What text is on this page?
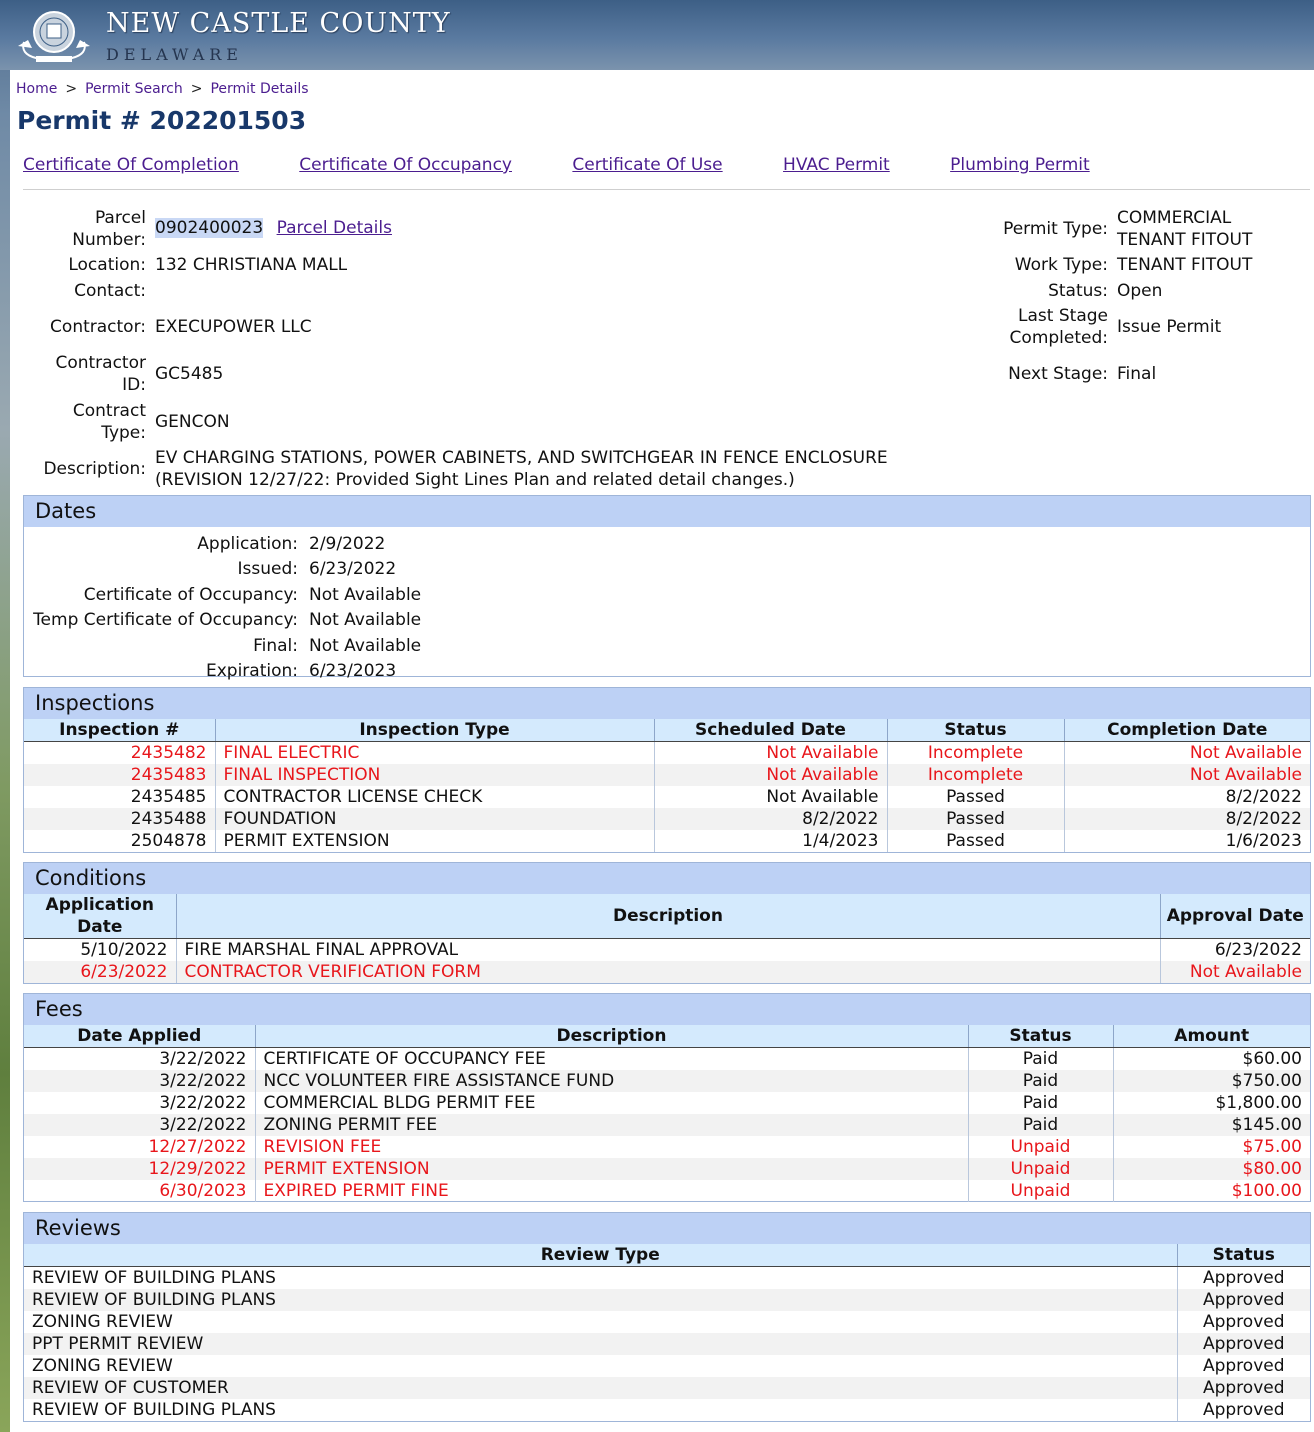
NEW CASTLE COUNTY
DELAWARE
Home > Permit Search > Permit Details
Permit # 202201503
Certificate Of Completion	Certificate Of Occupancy	Certificate Of Use	HVAC Permit	Plumbing Permit
Parcel Number:
0902400023 Parcel Details
Location: 132 CHRISTIANA MALL
Contact:
Contractor: EXECUPOWER LLC
Contractor ID:
GC5485
Contract Type:
GENCON
Description:
EV CHARGING STATIONS, POWER CABINETS, AND SWITCHGEAR IN FENCE ENCLOSURE (REVISION 12/27/22: Provided Sight Lines Plan and related detail changes.)
Permit Type:
COMMERCIAL TENANT FITOUT
Work Type: TENANT FITOUT
Status: Open
Last Stage Completed:
Issue Permit
Next Stage: Final
Dates
Application: 2/9/2022
Issued: 6/23/2022
Certificate of Occupancy: Not Available
Temp Certificate of Occupancy: Not Available
Final: Not Available
Expiration: 6/23/2023
Inspections
Inspection #	Inspection Type	Scheduled Date	Status	Completion Date
2435482	FINAL ELECTRIC	Not Available	Incomplete	Not Available
2435483	FINAL INSPECTION	Not Available	Incomplete	Not Available
2435485	CONTRACTOR LICENSE CHECK	Not Available	Passed	8/2/2022
2435488	FOUNDATION	8/2/2022	Passed	8/2/2022
2504878	PERMIT EXTENSION	1/4/2023	Passed	1/6/2023
Conditions
Application Date	Description	Approval Date
5/10/2022	FIRE MARSHAL FINAL APPROVAL	6/23/2022
6/23/2022	CONTRACTOR VERIFICATION FORM	Not Available
Fees
Date Applied	Description	Status	Amount
3/22/2022	CERTIFICATE OF OCCUPANCY FEE	Paid	$60.00
3/22/2022	NCC VOLUNTEER FIRE ASSISTANCE FUND	Paid	$750.00
3/22/2022	COMMERCIAL BLDG PERMIT FEE	Paid	$1,800.00
3/22/2022	ZONING PERMIT FEE	Paid	$145.00
12/27/2022	REVISION FEE	Unpaid	$75.00
12/29/2022	PERMIT EXTENSION	Unpaid	$80.00
6/30/2023	EXPIRED PERMIT FINE	Unpaid	$100.00
Reviews
Review Type	Status
REVIEW OF BUILDING PLANS	Approved
REVIEW OF BUILDING PLANS	Approved
ZONING REVIEW	Approved
PPT PERMIT REVIEW	Approved
ZONING REVIEW	Approved
REVIEW OF CUSTOMER	Approved
REVIEW OF BUILDING PLANS	Approved
